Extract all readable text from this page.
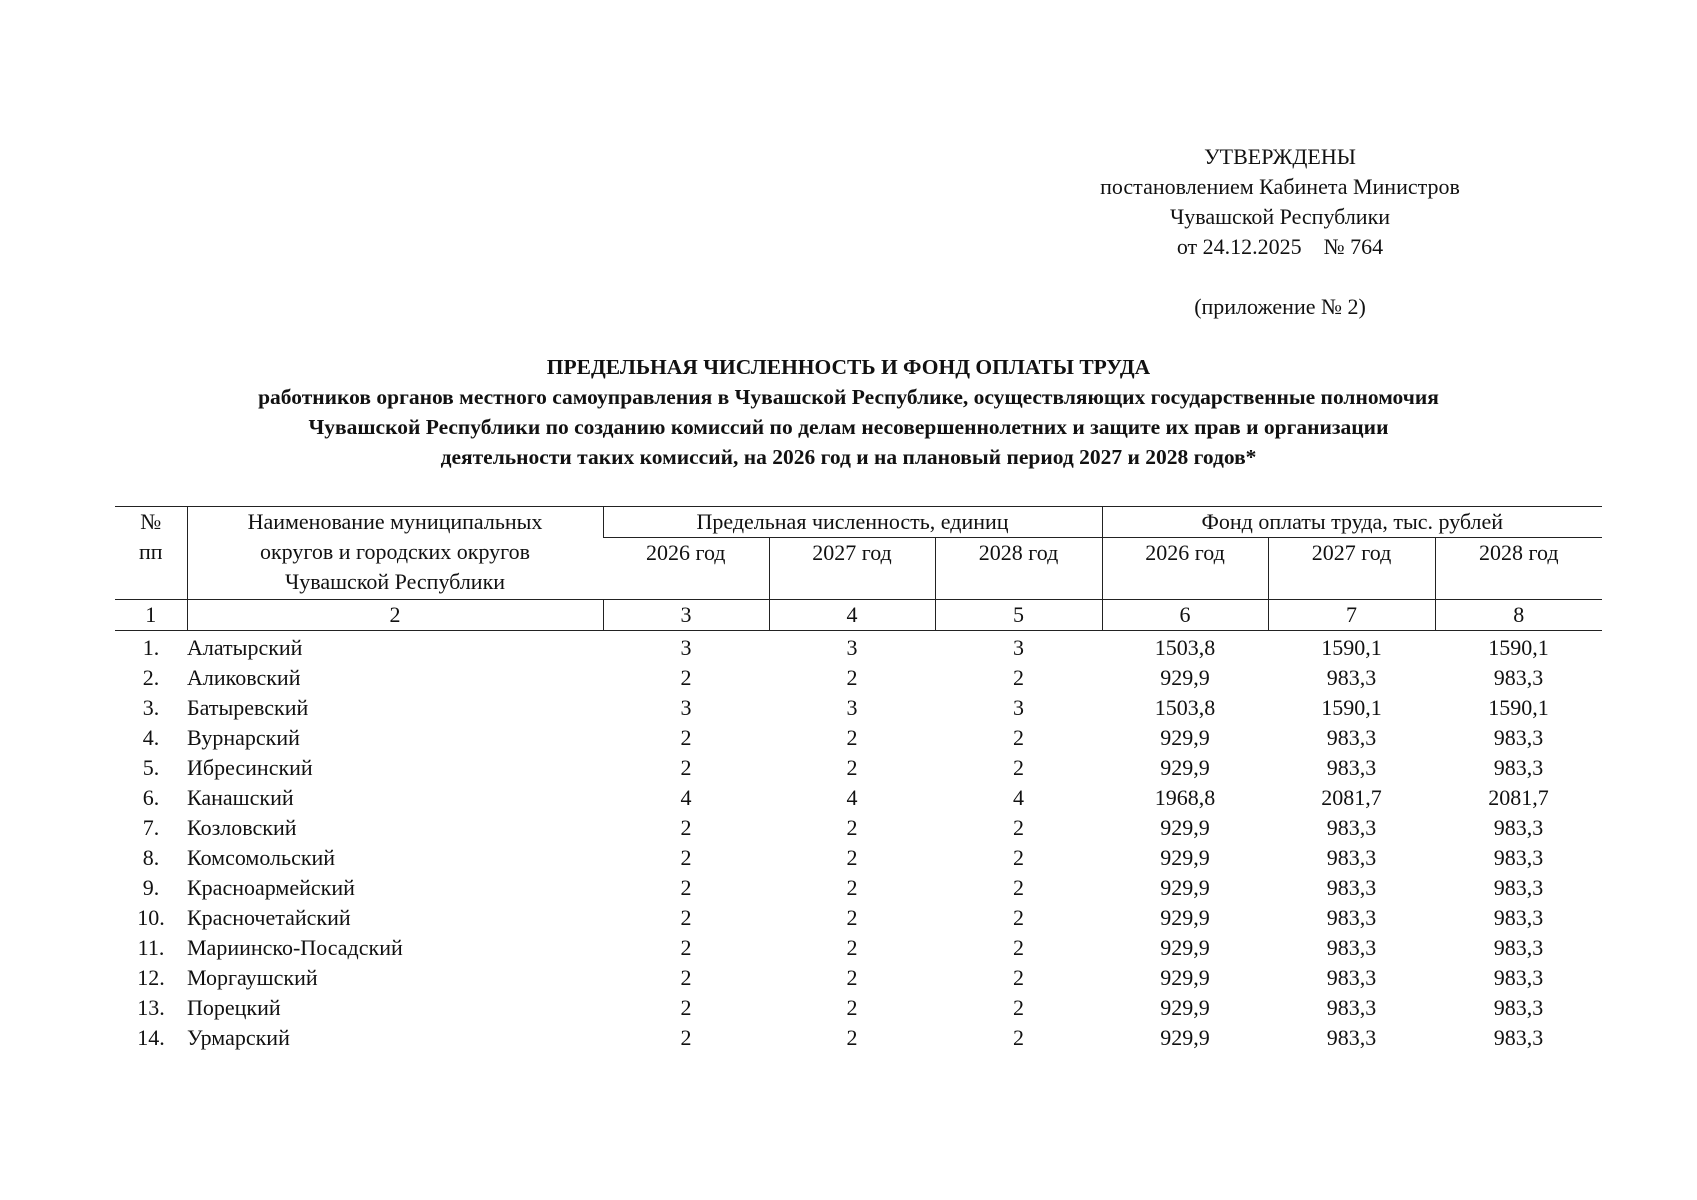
УТВЕРЖДЕНЫ
постановлением Кабинета Министров
Чувашской Республики
от 24.12.2025    № 764
(приложение № 2)
ПРЕДЕЛЬНАЯ ЧИСЛЕННОСТЬ И ФОНД ОПЛАТЫ ТРУДА
работников органов местного самоуправления в Чувашской Республике, осуществляющих государственные полномочия
Чувашской Республики по созданию комиссий по делам несовершеннолетних и защите их прав и организации
деятельности таких комиссий, на 2026 год и на плановый период 2027 и 2028 годов*
№
пп	Наименование муниципальных округов и городских округов Чувашской Республики	Предельная численность, единиц			Фонд оплаты труда, тыс. рублей		
		2026 год	2027 год	2028 год	2026 год	2027 год	2028 год
1	2	3	4	5	6	7	8
1.	Алатырский	3	3	3	1503,8	1590,1	1590,1
2.	Аликовский	2	2	2	929,9	983,3	983,3
3.	Батыревский	3	3	3	1503,8	1590,1	1590,1
4.	Вурнарский	2	2	2	929,9	983,3	983,3
5.	Ибресинский	2	2	2	929,9	983,3	983,3
6.	Канашский	4	4	4	1968,8	2081,7	2081,7
7.	Козловский	2	2	2	929,9	983,3	983,3
8.	Комсомольский	2	2	2	929,9	983,3	983,3
9.	Красноармейский	2	2	2	929,9	983,3	983,3
10.	Красночетайский	2	2	2	929,9	983,3	983,3
11.	Мариинско-Посадский	2	2	2	929,9	983,3	983,3
12.	Моргаушский	2	2	2	929,9	983,3	983,3
13.	Порецкий	2	2	2	929,9	983,3	983,3
14.	Урмарский	2	2	2	929,9	983,3	983,3
